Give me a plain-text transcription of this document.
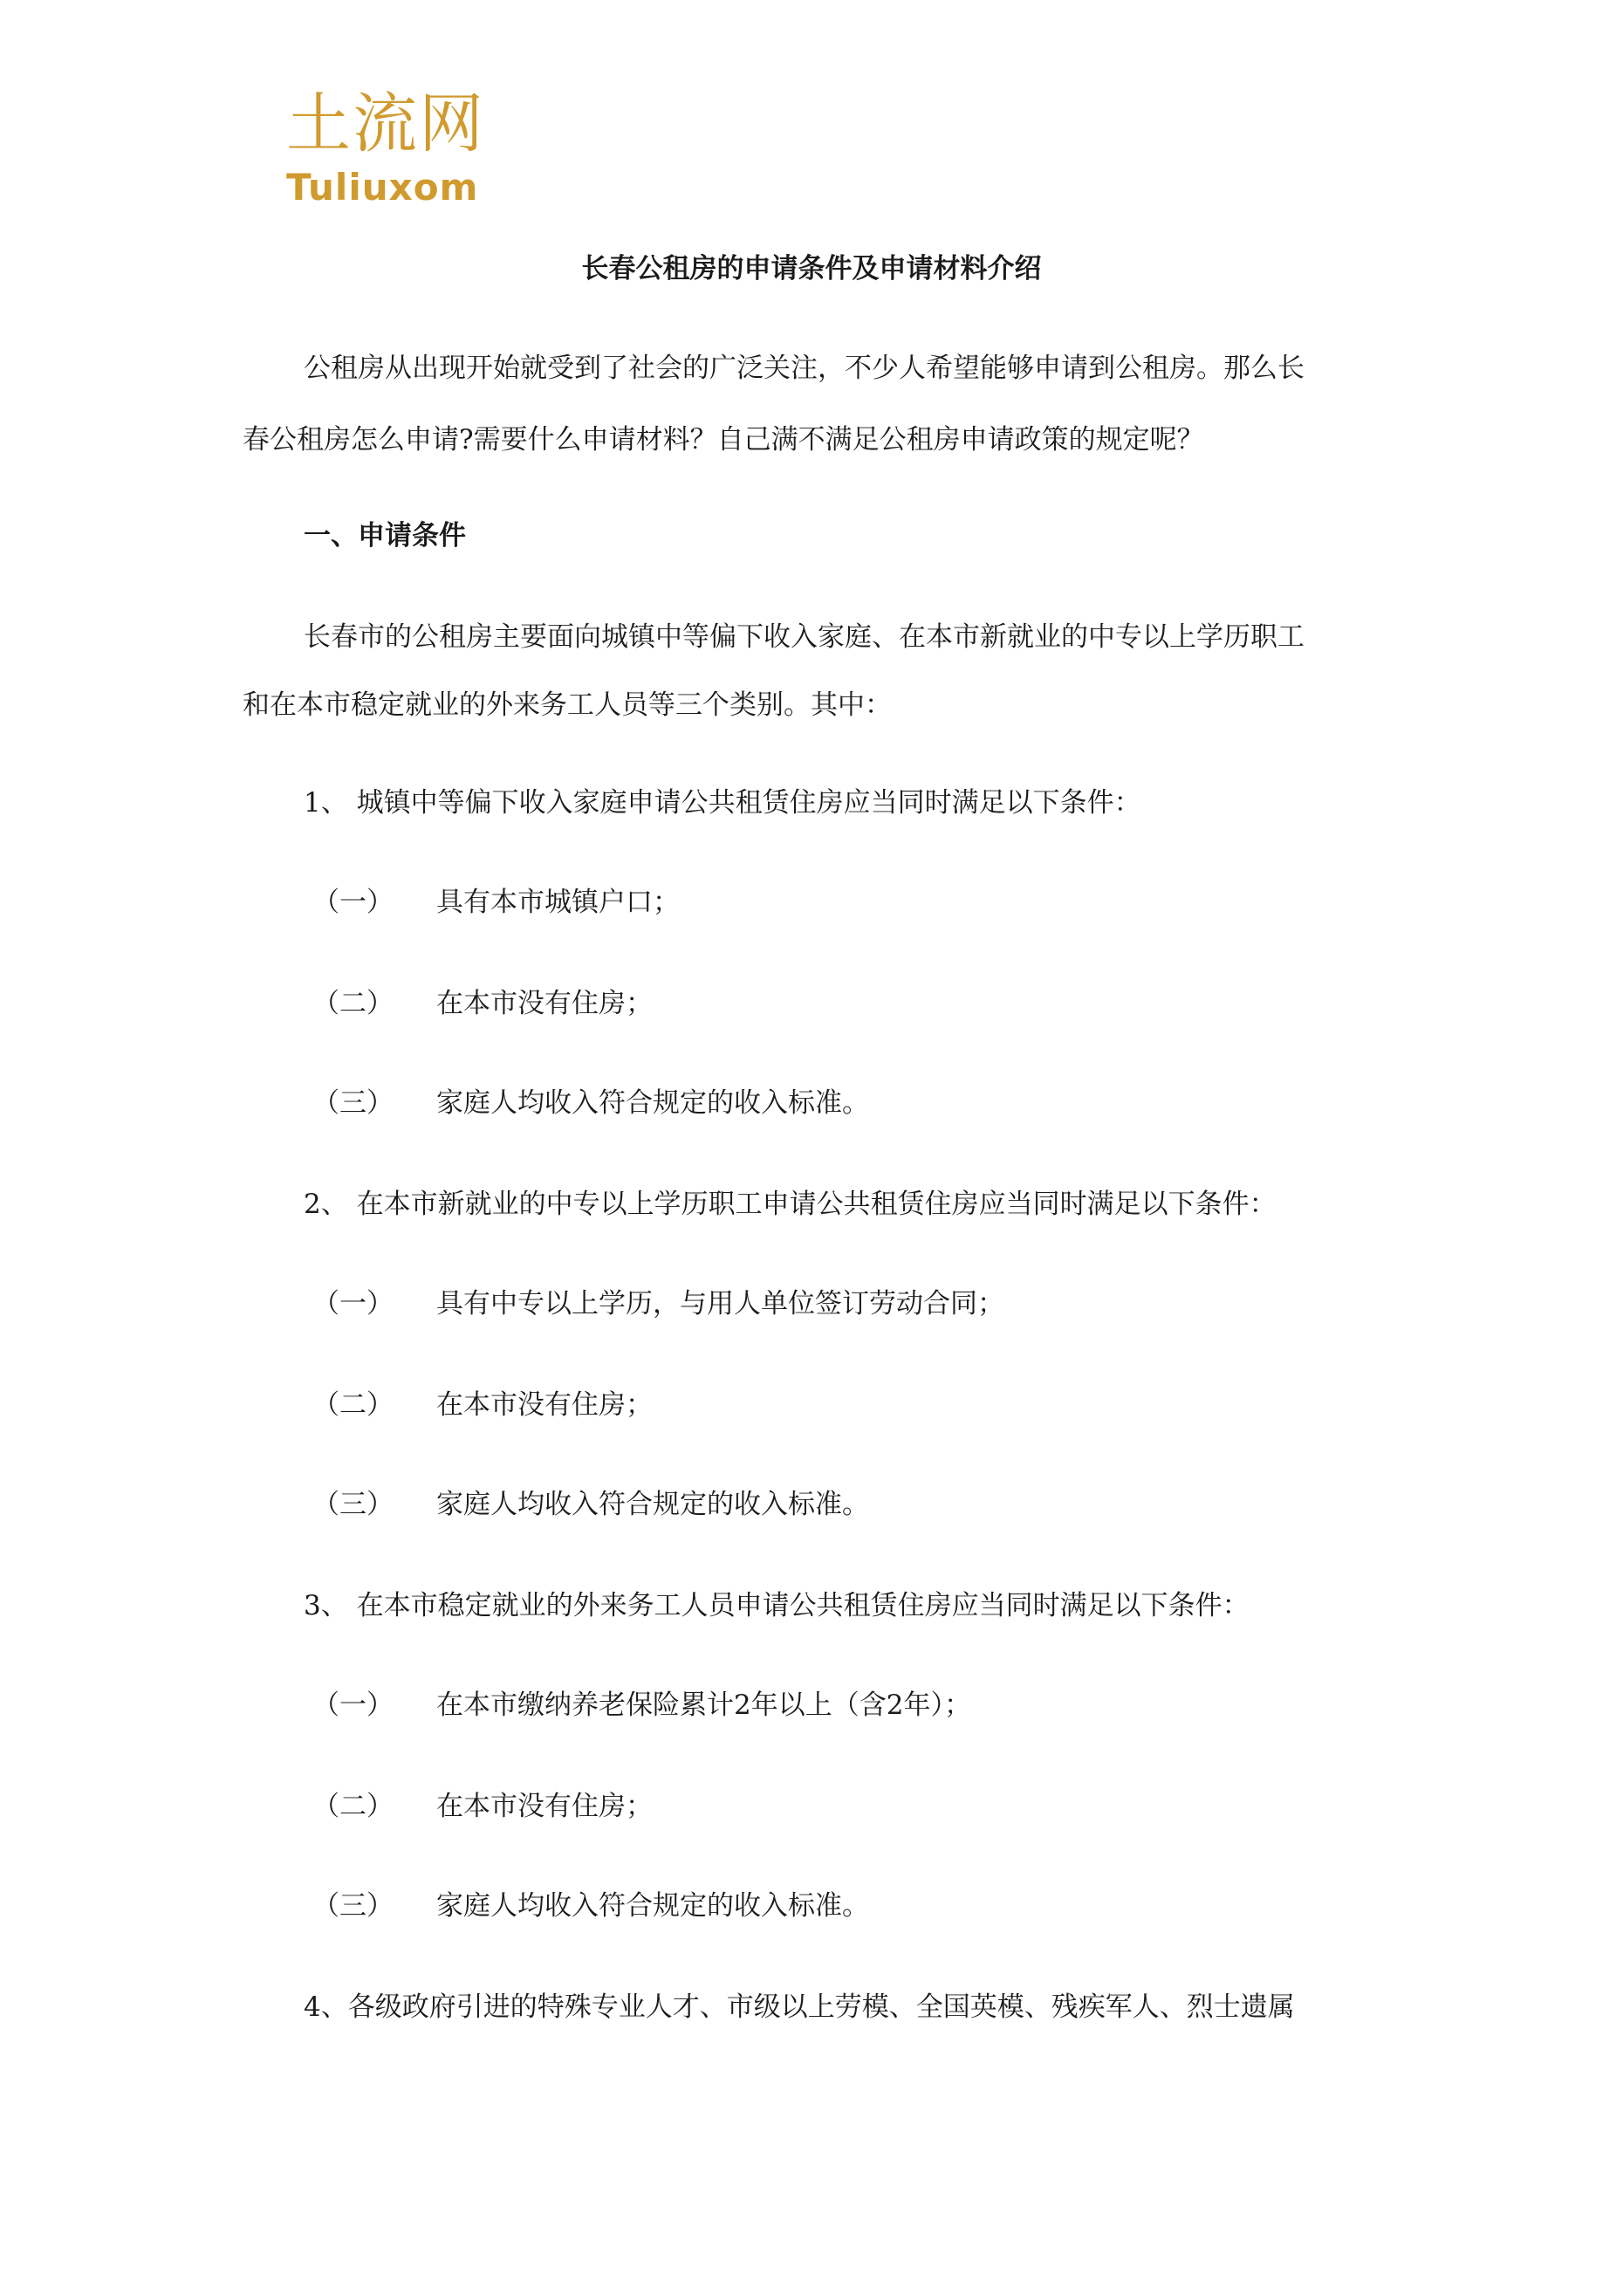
土流网
Tuliuxom
长春公租房的申请条件及申请材料介绍
公租房从出现开始就受到了社会的广泛关注，不少人希望能够申请到公租房。那么长
春公租房怎么申请?需要什么申请材料？自己满不满足公租房申请政策的规定呢？
一、申请条件
长春市的公租房主要面向城镇中等偏下收入家庭、在本市新就业的中专以上学历职工
和在本市稳定就业的外来务工人员等三个类别。其中：
1、 城镇中等偏下收入家庭申请公共租赁住房应当同时满足以下条件：
（一） 具有本市城镇户口；
（二） 在本市没有住房；
（三） 家庭人均收入符合规定的收入标准。
2、 在本市新就业的中专以上学历职工申请公共租赁住房应当同时满足以下条件：
（一） 具有中专以上学历，与用人单位签订劳动合同；
（二） 在本市没有住房；
（三） 家庭人均收入符合规定的收入标准。
3、 在本市稳定就业的外来务工人员申请公共租赁住房应当同时满足以下条件：
（一） 在本市缴纳养老保险累计2年以上（含2年）；
（二） 在本市没有住房；
（三） 家庭人均收入符合规定的收入标准。
4、各级政府引进的特殊专业人才、市级以上劳模、全国英模、残疾军人、烈士遗属
